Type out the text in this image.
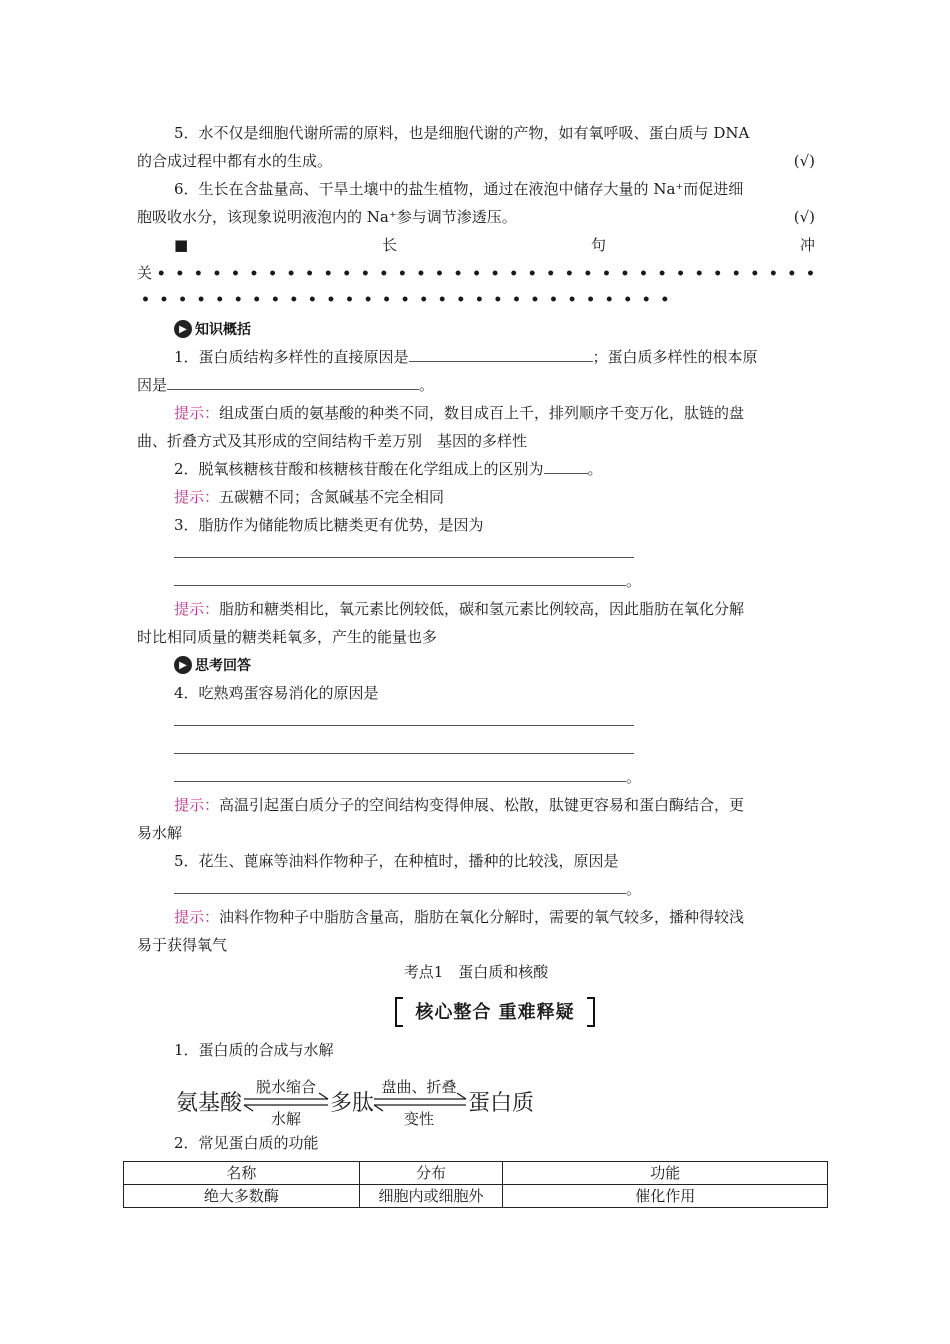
5．水不仅是细胞代谢所需的原料，也是细胞代谢的产物，如有氧呼吸、蛋白质与 DNA
的合成过程中都有水的生成。	(√)
6．生长在含盐量高、干旱土壤中的盐生植物，通过在液泡中储存大量的 Na⁺而促进细
胞吸收水分，该现象说明液泡内的 Na⁺参与调节渗透压。	(√)
■	长	句	冲
关 ••••••••••••••••••••••••••••••••••••
•••••••••••••••••••••••••••••
▶ 知识概括
1．蛋白质结构多样性的直接原因是	；蛋白质多样性的根本原
因是	。
提示：组成蛋白质的氨基酸的种类不同，数目成百上千，排列顺序千变万化，肽链的盘
曲、折叠方式及其形成的空间结构千差万别　基因的多样性
2．脱氧核糖核苷酸和核糖核苷酸在化学组成上的区别为	。
提示：五碳糖不同；含氮碱基不完全相同
3．脂肪作为储能物质比糖类更有优势，是因为
。
提示：脂肪和糖类相比，氧元素比例较低，碳和氢元素比例较高，因此脂肪在氧化分解
时比相同质量的糖类耗氧多，产生的能量也多
▶ 思考回答
4．吃熟鸡蛋容易消化的原因是
。
提示：高温引起蛋白质分子的空间结构变得伸展、松散，肽键更容易和蛋白酶结合，更
易水解
5．花生、蓖麻等油料作物种子，在种植时，播种的比较浅，原因是
。
提示：油料作物种子中脂肪含量高，脂肪在氧化分解时，需要的氧气较多，播种得较浅
易于获得氧气
考点1　蛋白质和核酸
核心整合 重难释疑
1．蛋白质的合成与水解
氨基酸
脱水缩合
水解
多肽
盘曲、折叠
变性
蛋白质
2．常见蛋白质的功能
名称	分布	功能
绝大多数酶	细胞内或细胞外	催化作用
